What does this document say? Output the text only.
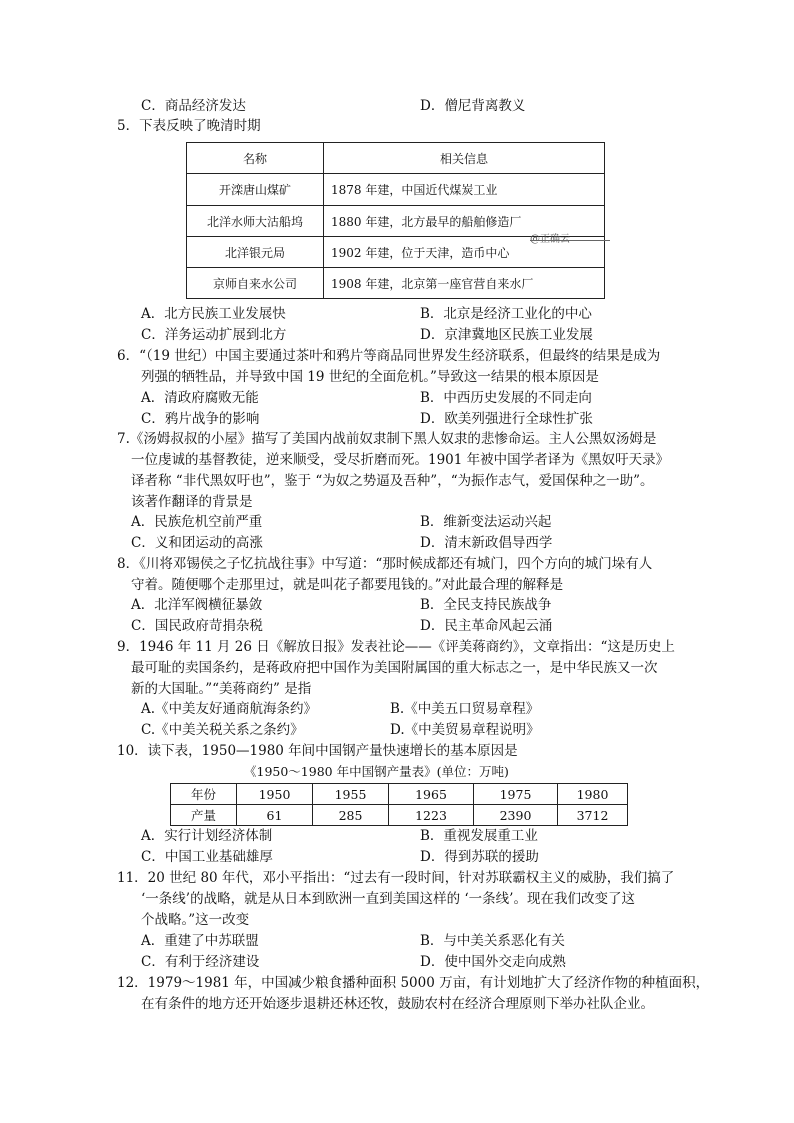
C．商品经济发达	D．僧尼背离教义
5．下表反映了晚清时期
名称	相关信息
开滦唐山煤矿	1878 年建，中国近代煤炭工业
北洋水师大沽船坞	1880 年建，北方最早的船舶修造厂
北洋银元局	1902 年建，位于天津，造币中心
京师自来水公司	1908 年建，北京第一座官营自来水厂
A．北方民族工业发展快	B．北京是经济工业化的中心
C．洋务运动扩展到北方	D．京津冀地区民族工业发展
6．“（19 世纪）中国主要通过茶叶和鸦片等商品同世界发生经济联系，但最终的结果是成为
列强的牺牲品，并导致中国 19 世纪的全面危机。”导致这一结果的根本原因是
A．清政府腐败无能	B．中西历史发展的不同走向
C．鸦片战争的影响	D．欧美列强进行全球性扩张
7.《汤姆叔叔的小屋》描写了美国内战前奴隶制下黑人奴隶的悲惨命运。主人公黑奴汤姆是
一位虔诚的基督教徒，逆来顺受，受尽折磨而死。1901 年被中国学者译为《黑奴吁天录》
译者称 “非代黑奴吁也”，鉴于 “为奴之势逼及吾种”，“为振作志气，爱国保种之一助”。
该著作翻译的背景是
A．民族危机空前严重	B．维新变法运动兴起
C．义和团运动的高涨	D．清末新政倡导西学
8．《川将邓锡侯之子忆抗战往事》中写道：“那时候成都还有城门，四个方向的城门垛有人
守着。随便哪个走那里过，就是叫花子都要甩钱的。”对此最合理的解释是
A．北洋军阀横征暴敛	B．全民支持民族战争
C．国民政府苛捐杂税	D．民主革命风起云涌
9．1946 年 11 月 26 日《解放日报》发表社论——《评美蒋商约》，文章指出：“这是历史上
最可耻的卖国条约，是蒋政府把中国作为美国附属国的重大标志之一，是中华民族又一次
新的大国耻。”“美蒋商约” 是指
A.《中美友好通商航海条约》	B.《中美五口贸易章程》
C.《中美关税关系之条约》	D.《中美贸易章程说明》
10．读下表，1950—1980 年间中国钢产量快速增长的基本原因是
《1950～1980 年中国钢产量表》(单位：万吨)
年份	1950	1955	1965	1975	1980
产量	61	285	1223	2390	3712
A．实行计划经济体制	B．重视发展重工业
C．中国工业基础雄厚	D．得到苏联的援助
11．20 世纪 80 年代，邓小平指出：“过去有一段时间，针对苏联霸权主义的威胁，我们搞了
‘一条线’的战略，就是从日本到欧洲一直到美国这样的 ‘一条线’。现在我们改变了这
个战略。”这一改变
A．重建了中苏联盟	B．与中美关系恶化有关
C．有利于经济建设	D．使中国外交走向成熟
12．1979～1981 年，中国减少粮食播种面积 5000 万亩，有计划地扩大了经济作物的种植面积，
在有条件的地方还开始逐步退耕还林还牧，鼓励农村在经济合理原则下举办社队企业。
